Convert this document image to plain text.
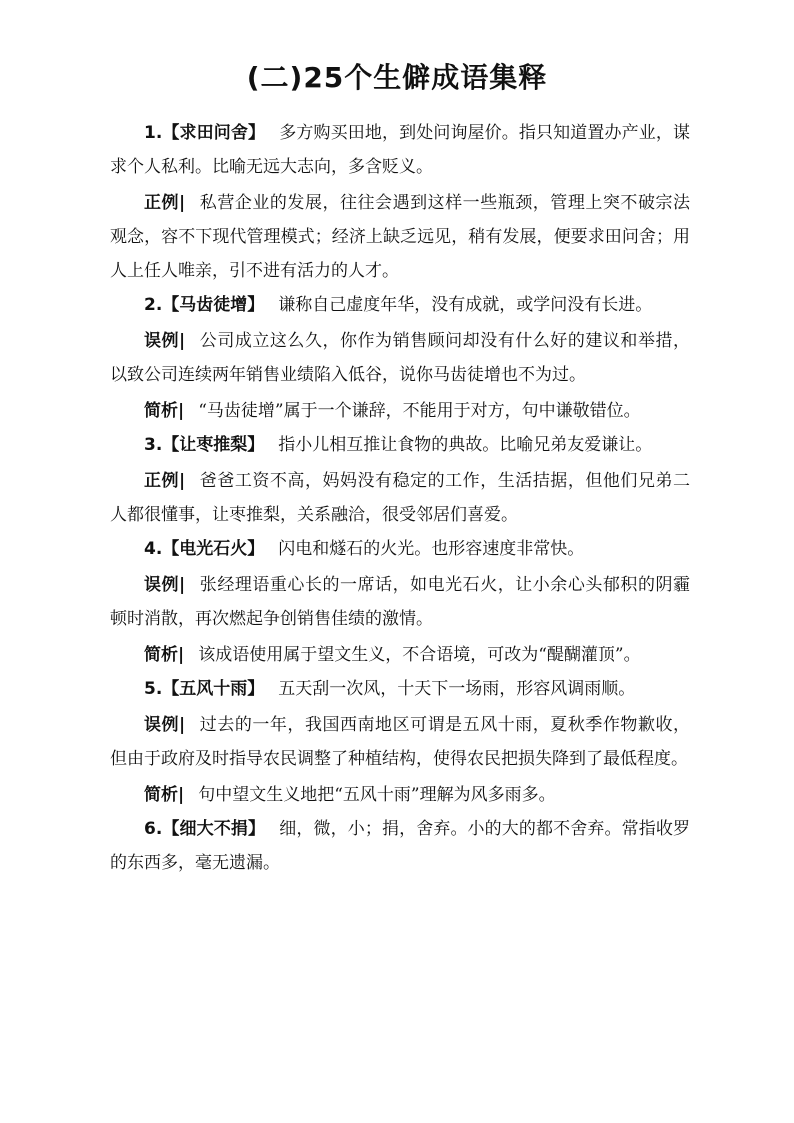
(二)25个生僻成语集释

1.【求田问舍】 多方购买田地，到处问询屋价。指只知道置办产业，谋求个人私利。比喻无远大志向，多含贬义。

正例| 私营企业的发展，往往会遇到这样一些瓶颈，管理上突不破宗法观念，容不下现代管理模式；经济上缺乏远见，稍有发展，便要求田问舍；用人上任人唯亲，引不进有活力的人才。

2.【马齿徒增】 谦称自己虚度年华，没有成就，或学问没有长进。

误例| 公司成立这么久，你作为销售顾问却没有什么好的建议和举措，以致公司连续两年销售业绩陷入低谷，说你马齿徒增也不为过。

简析| “马齿徒增”属于一个谦辞，不能用于对方，句中谦敬错位。

3.【让枣推梨】 指小儿相互推让食物的典故。比喻兄弟友爱谦让。

正例| 爸爸工资不高，妈妈没有稳定的工作，生活拮据，但他们兄弟二人都很懂事，让枣推梨，关系融洽，很受邻居们喜爱。

4.【电光石火】 闪电和燧石的火光。也形容速度非常快。

误例| 张经理语重心长的一席话，如电光石火，让小余心头郁积的阴霾顿时消散，再次燃起争创销售佳绩的激情。

简析| 该成语使用属于望文生义，不合语境，可改为“醍醐灌顶”。

5.【五风十雨】 五天刮一次风，十天下一场雨，形容风调雨顺。

误例| 过去的一年，我国西南地区可谓是五风十雨，夏秋季作物歉收，但由于政府及时指导农民调整了种植结构，使得农民把损失降到了最低程度。

简析| 句中望文生义地把“五风十雨”理解为风多雨多。

6.【细大不捐】 细，微，小；捐，舍弃。小的大的都不舍弃。常指收罗的东西多，毫无遗漏。
